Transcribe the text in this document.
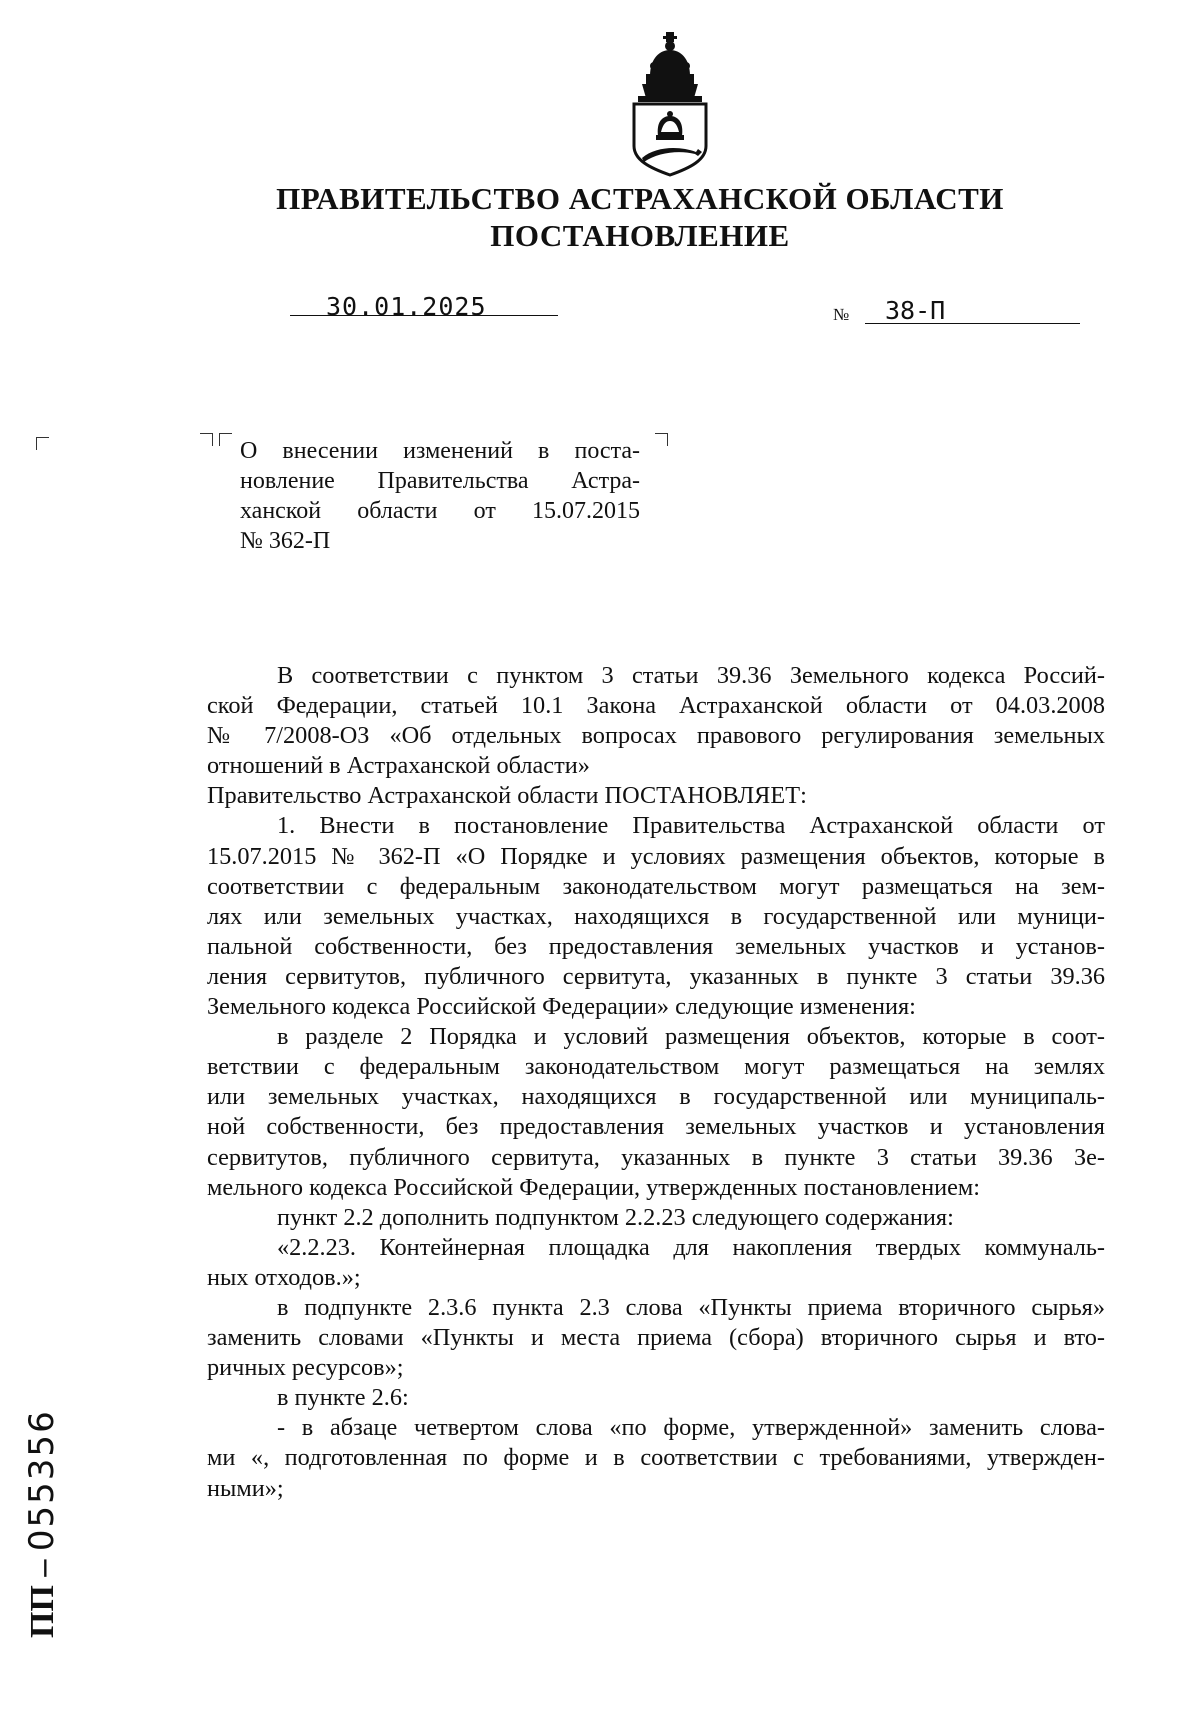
ПРАВИТЕЛЬСТВО АСТРАХАНСКОЙ ОБЛАСТИ
ПОСТАНОВЛЕНИЕ
30.01.2025	№ 38-П
О внесении изменений в поста-
новление Правительства Астра-
ханской области от 15.07.2015
№ 362-П
В соответствии с пунктом 3 статьи 39.36 Земельного кодекса Россий-
ской Федерации, статьей 10.1 Закона Астраханской области от 04.03.2008
№ 7/2008-ОЗ «Об отдельных вопросах правового регулирования земельных
отношений в Астраханской области»
Правительство Астраханской области ПОСТАНОВЛЯЕТ:
1. Внести в постановление Правительства Астраханской области от
15.07.2015 № 362-П «О Порядке и условиях размещения объектов, которые в
соответствии с федеральным законодательством могут размещаться на зем-
лях или земельных участках, находящихся в государственной или муници-
пальной собственности, без предоставления земельных участков и установ-
ления сервитутов, публичного сервитута, указанных в пункте 3 статьи 39.36
Земельного кодекса Российской Федерации» следующие изменения:
в разделе 2 Порядка и условий размещения объектов, которые в соот-
ветствии с федеральным законодательством могут размещаться на землях
или земельных участках, находящихся в государственной или муниципаль-
ной собственности, без предоставления земельных участков и установления
сервитутов, публичного сервитута, указанных в пункте 3 статьи 39.36 Зе-
мельного кодекса Российской Федерации, утвержденных постановлением:
пункт 2.2 дополнить подпунктом 2.2.23 следующего содержания:
«2.2.23. Контейнерная площадка для накопления твердых коммуналь-
ных отходов.»;
в подпункте 2.3.6 пункта 2.3 слова «Пункты приема вторичного сырья»
заменить словами «Пункты и места приема (сбора) вторичного сырья и вто-
ричных ресурсов»;
в пункте 2.6:
- в абзаце четвертом слова «по форме, утвержденной» заменить слова-
ми «, подготовленная по форме и в соответствии с требованиями, утвержден-
ными»;
ПП – 055356
